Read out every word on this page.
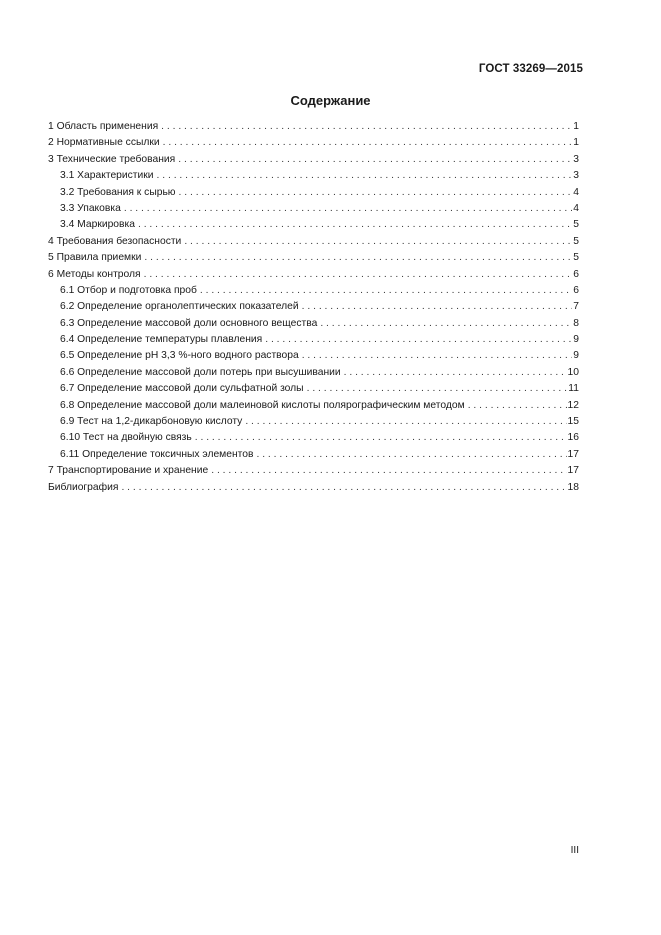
ГОСТ 33269—2015
Содержание
1 Область применения . . .	1
2 Нормативные ссылки . . .	1
3 Технические требования . . .	3
3.1 Характеристики . . .	3
3.2 Требования к сырью . . .	4
3.3 Упаковка . . .	4
3.4 Маркировка . . .	5
4 Требования безопасности . . .	5
5 Правила приемки . . .	5
6 Методы контроля . . .	6
6.1 Отбор и подготовка проб . . .	6
6.2 Определение органолептических показателей . . .	7
6.3 Определение массовой доли основного вещества . . .	8
6.4 Определение температуры плавления . . .	9
6.5 Определение pH 3,3 %-ного водного раствора . . .	9
6.6 Определение массовой доли потерь при высушивании . . .	10
6.7 Определение массовой доли сульфатной золы . . .	11
6.8 Определение массовой доли малеиновой кислоты полярографическим методом . . .	12
6.9 Тест на 1,2-дикарбоновую кислоту . . .	15
6.10 Тест на двойную связь . . .	16
6.11 Определение токсичных элементов . . .	17
7 Транспортирование и хранение . . .	17
Библиография . . .	18
III
